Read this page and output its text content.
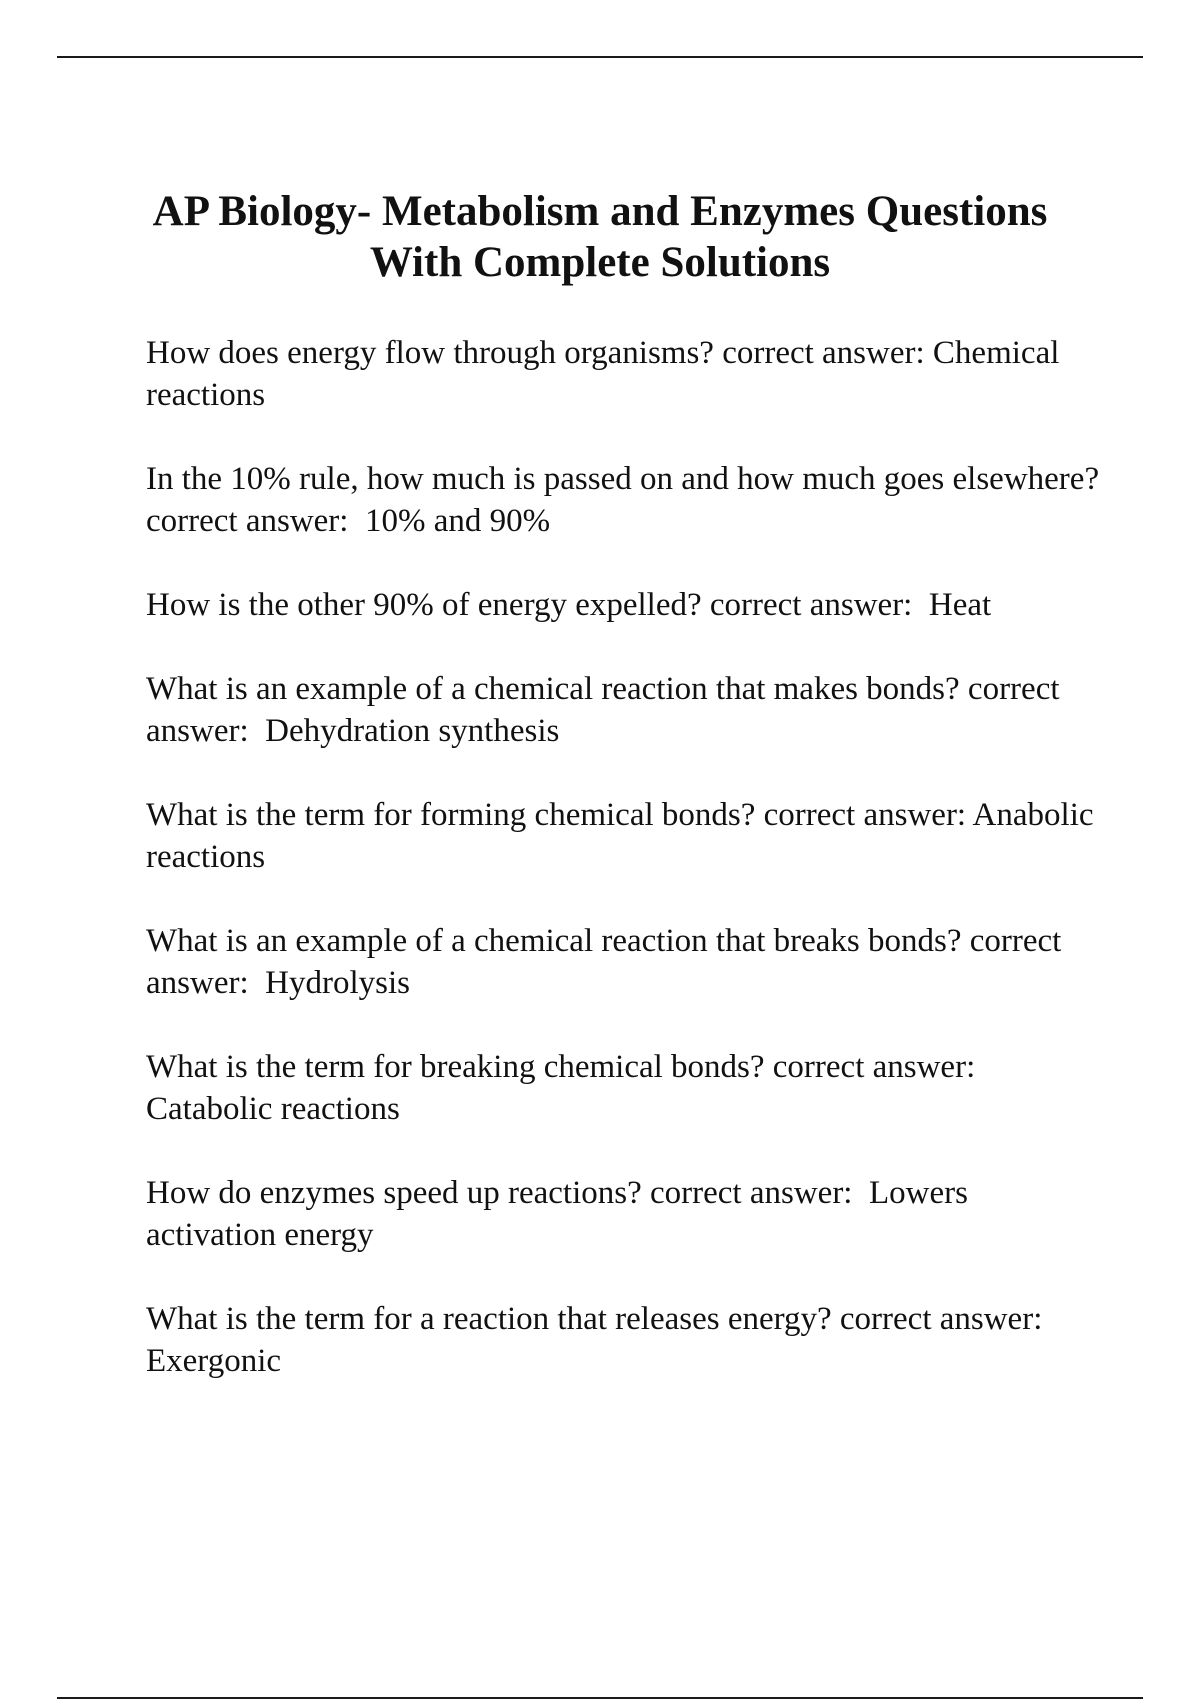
AP Biology- Metabolism and Enzymes Questions
With Complete Solutions
How does energy flow through organisms? correct answer: Chemical reactions
In the 10% rule, how much is passed on and how much goes elsewhere? correct answer: 10% and 90%
How is the other 90% of energy expelled? correct answer: Heat
What is an example of a chemical reaction that makes bonds? correct answer: Dehydration synthesis
What is the term for forming chemical bonds? correct answer: Anabolic reactions
What is an example of a chemical reaction that breaks bonds? correct answer: Hydrolysis
What is the term for breaking chemical bonds? correct answer: Catabolic reactions
How do enzymes speed up reactions? correct answer: Lowers activation energy
What is the term for a reaction that releases energy? correct answer:  Exergonic
